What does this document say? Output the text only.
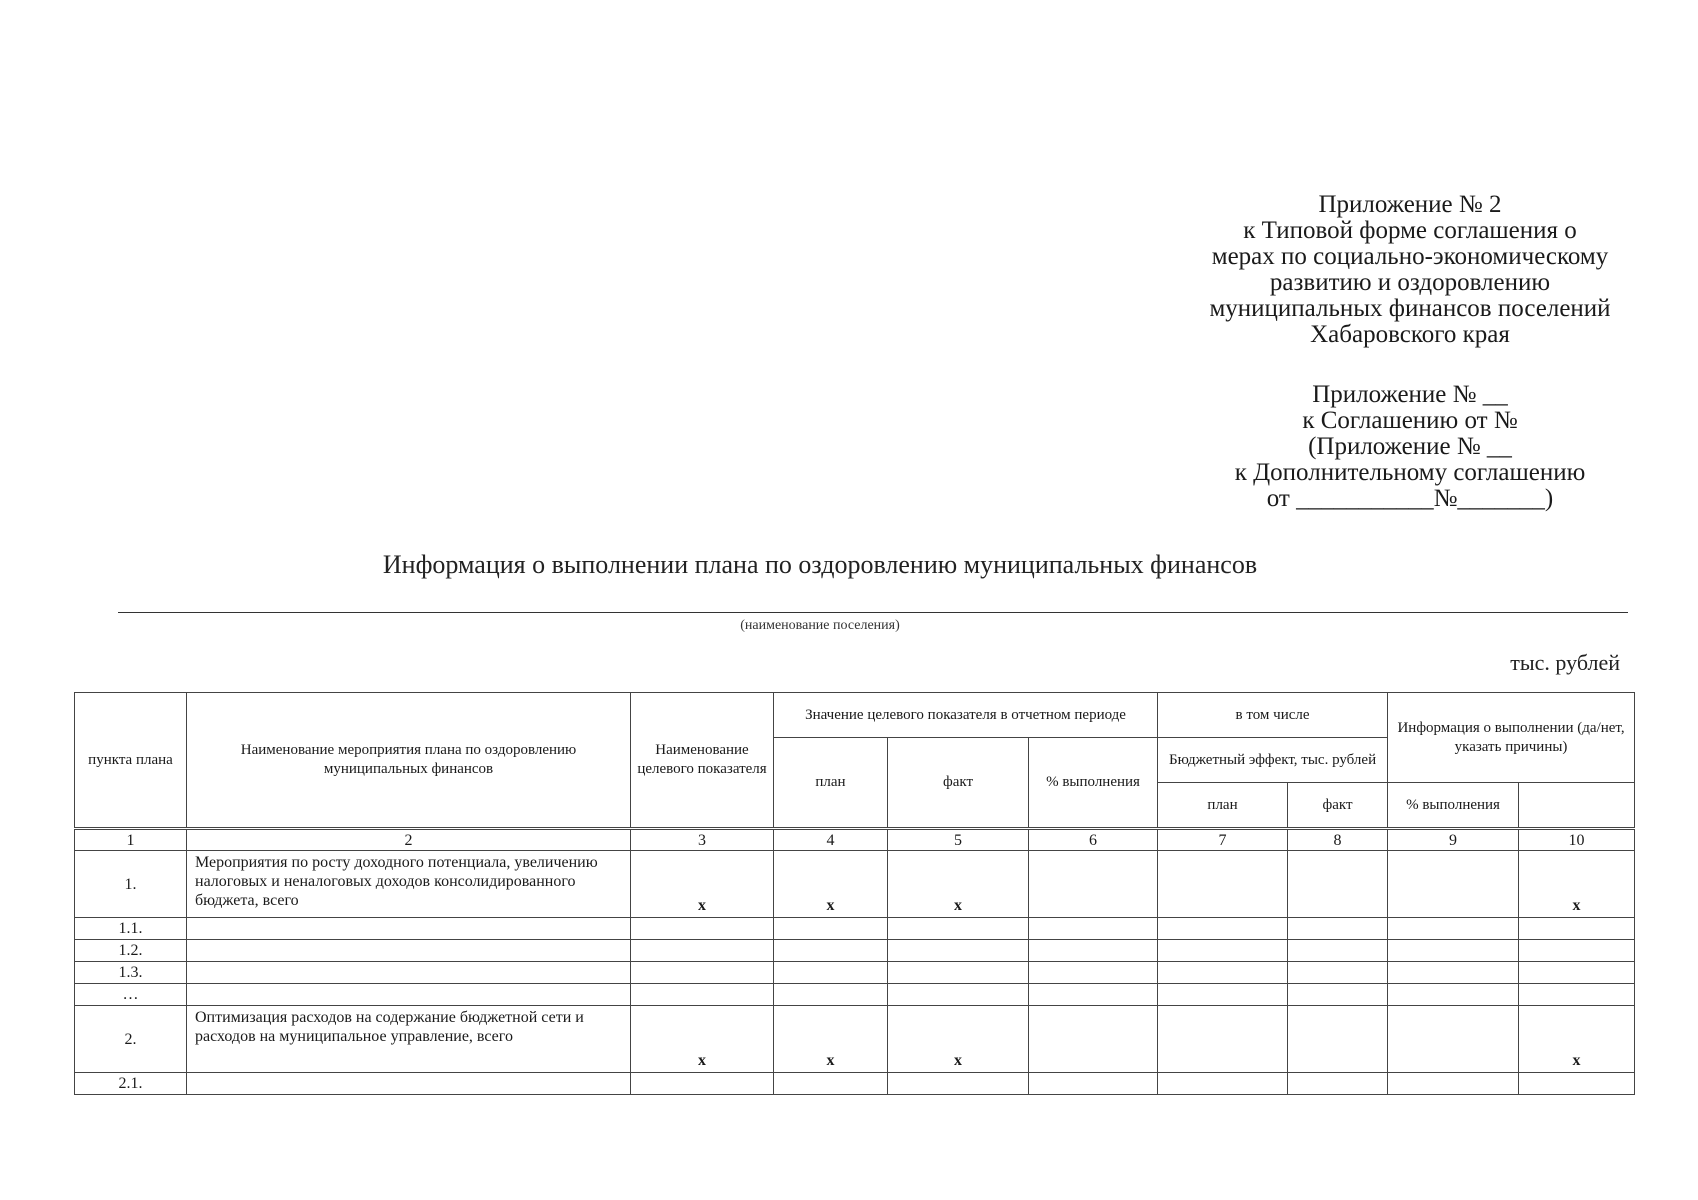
Приложение № 2
к Типовой форме соглашения о
мерах по социально-экономическому
развитию и оздоровлению
муниципальных финансов поселений
Хабаровского края
Приложение № __
к Соглашению от №
(Приложение № __
к Дополнительному соглашению
от ___________№_______)
Информация о выполнении плана по оздоровлению муниципальных финансов
(наименование поселения)
тыс. рублей
пункта плана	Наименование мероприятия плана по оздоровлению муниципальных финансов	Наименование целевого показателя	Значение целевого показателя в отчетном периоде			в том числе		Информация о выполнении (да/нет, указать причины)	
			план	факт	% выполнения	Бюджетный эффект, тыс. рублей			
						план	факт	% выполнения	
1	2	3	4	5	6	7	8	9	10
1.	Мероприятия по росту доходного потенциала, увеличению налоговых и неналоговых доходов консолидированного бюджета, всего	x	x	x					x
1.1.									
1.2.									
1.3.									
…									
2.	Оптимизация расходов на содержание бюджетной сети и расходов на муниципальное управление, всего	x	x	x					x
2.1.									
